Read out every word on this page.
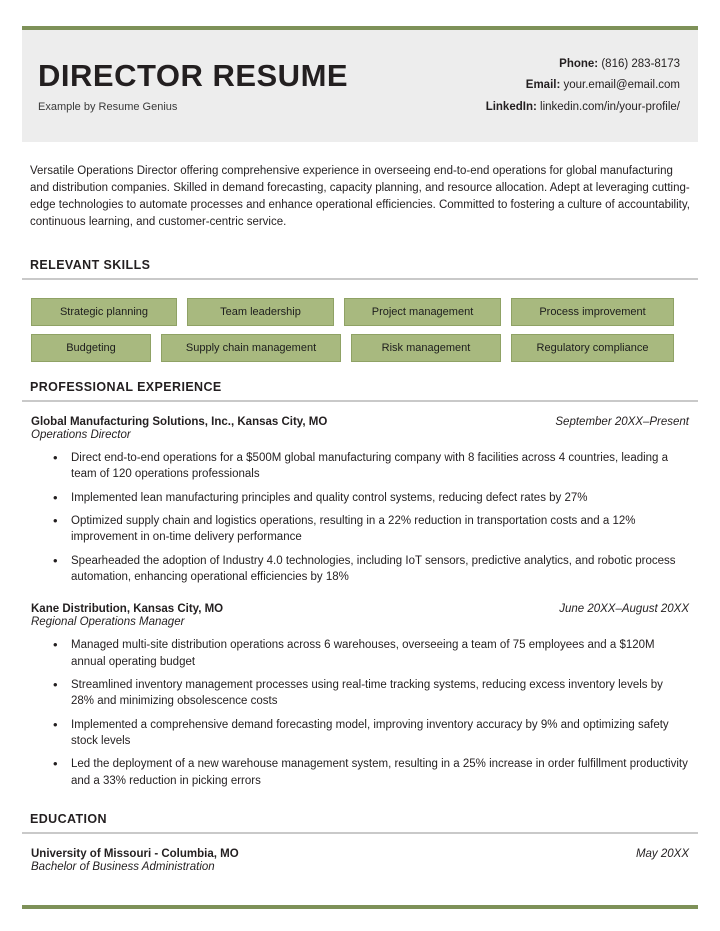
DIRECTOR RESUME
Example by Resume Genius
Phone: (816) 283-8173
Email: your.email@email.com
LinkedIn: linkedin.com/in/your-profile/
Versatile Operations Director offering comprehensive experience in overseeing end-to-end operations for global manufacturing and distribution companies. Skilled in demand forecasting, capacity planning, and resource allocation. Adept at leveraging cutting-edge technologies to automate processes and enhance operational efficiencies. Committed to fostering a culture of accountability, continuous learning, and customer-centric service.
RELEVANT SKILLS
Strategic planning	Team leadership	Project management	Process improvement
Budgeting	Supply chain management	Risk management	Regulatory compliance
PROFESSIONAL EXPERIENCE
Global Manufacturing Solutions, Inc., Kansas City, MO	September 20XX–Present
Operations Director
• Direct end-to-end operations for a $500M global manufacturing company with 8 facilities across 4 countries, leading a team of 120 operations professionals
• Implemented lean manufacturing principles and quality control systems, reducing defect rates by 27%
• Optimized supply chain and logistics operations, resulting in a 22% reduction in transportation costs and a 12% improvement in on-time delivery performance
• Spearheaded the adoption of Industry 4.0 technologies, including IoT sensors, predictive analytics, and robotic process automation, enhancing operational efficiencies by 18%
Kane Distribution, Kansas City, MO	June 20XX–August 20XX
Regional Operations Manager
• Managed multi-site distribution operations across 6 warehouses, overseeing a team of 75 employees and a $120M annual operating budget
• Streamlined inventory management processes using real-time tracking systems, reducing excess inventory levels by 28% and minimizing obsolescence costs
• Implemented a comprehensive demand forecasting model, improving inventory accuracy by 9% and optimizing safety stock levels
• Led the deployment of a new warehouse management system, resulting in a 25% increase in order fulfillment productivity and a 33% reduction in picking errors
EDUCATION
University of Missouri - Columbia, MO	May 20XX
Bachelor of Business Administration
